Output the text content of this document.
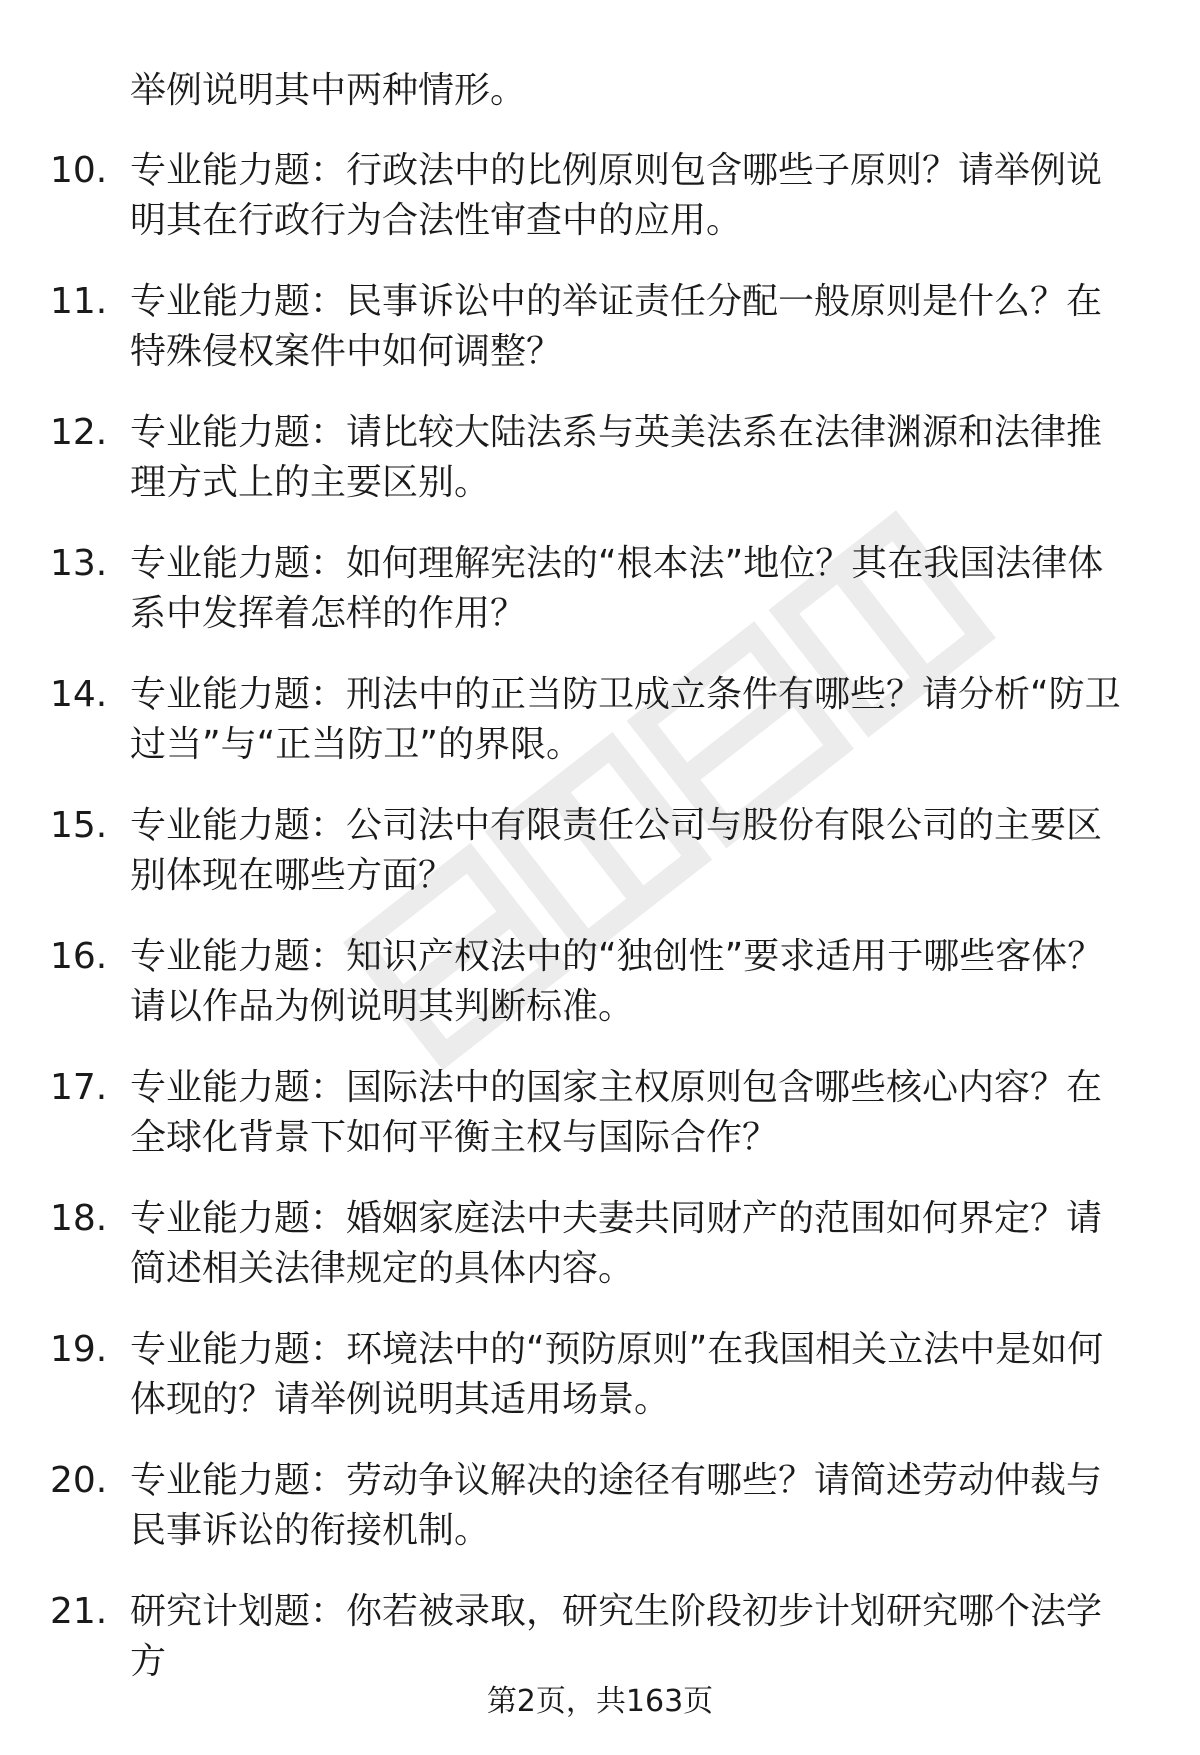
举例说明其中两种情形。
10. 专业能力题：行政法中的比例原则包含哪些子原则？请举例说明其在行政行为合法性审查中的应用。
11. 专业能力题：民事诉讼中的举证责任分配一般原则是什么？在特殊侵权案件中如何调整？
12. 专业能力题：请比较大陆法系与英美法系在法律渊源和法律推理方式上的主要区别。
13. 专业能力题：如何理解宪法的“根本法”地位？其在我国法律体系中发挥着怎样的作用？
14. 专业能力题：刑法中的正当防卫成立条件有哪些？请分析“防卫过当”与“正当防卫”的界限。
15. 专业能力题：公司法中有限责任公司与股份有限公司的主要区别体现在哪些方面？
16. 专业能力题：知识产权法中的“独创性”要求适用于哪些客体？请以作品为例说明其判断标准。
17. 专业能力题：国际法中的国家主权原则包含哪些核心内容？在全球化背景下如何平衡主权与国际合作？
18. 专业能力题：婚姻家庭法中夫妻共同财产的范围如何界定？请简述相关法律规定的具体内容。
19. 专业能力题：环境法中的“预防原则”在我国相关立法中是如何体现的？请举例说明其适用场景。
20. 专业能力题：劳动争议解决的途径有哪些？请简述劳动仲裁与民事诉讼的衔接机制。
21. 研究计划题：你若被录取，研究生阶段初步计划研究哪个法学方
第2页，共163页
